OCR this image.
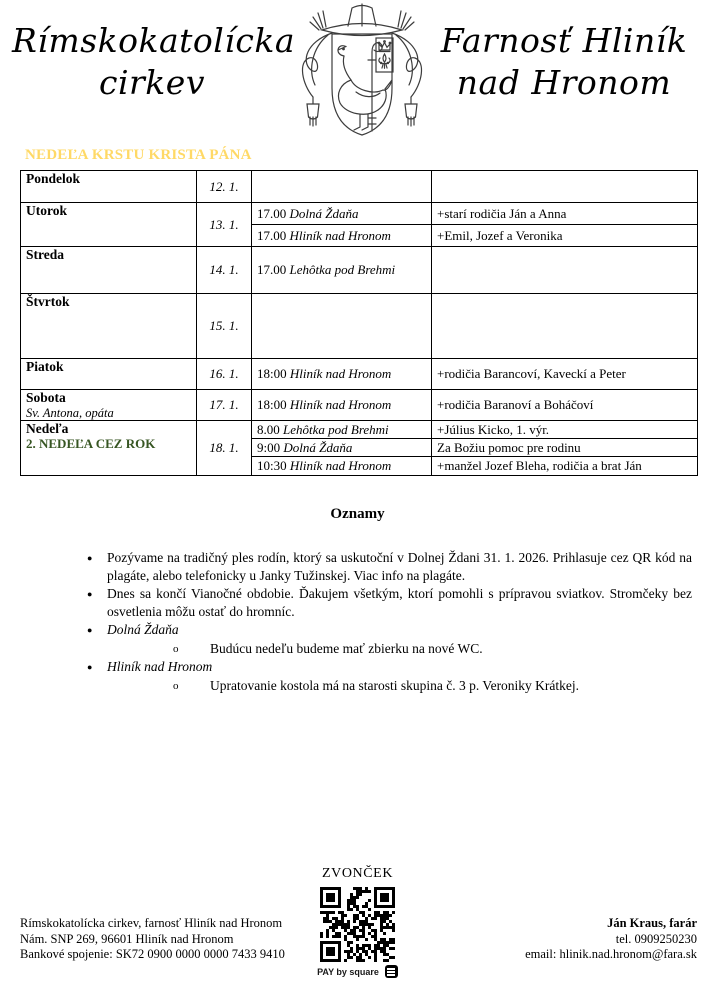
Rímskokatolícka
cirkev
Farnosť Hliník
nad Hronom
NEDEĽA KRSTU KRISTA PÁNA
Pondelok	12. 1.		
Utorok	13. 1.	17.00 Dolná Ždaňa	+starí rodičia Ján a Anna
		17.00 Hliník nad Hronom	+Emil, Jozef a Veronika
Streda	14. 1.	17.00 Lehôtka pod Brehmi	
Štvrtok	15. 1.		
Piatok	16. 1.	18:00 Hliník nad Hronom	+rodičia Barancoví, Kaveckí a Peter
Sobota
Sv. Antona, opáta	17. 1.	18:00 Hliník nad Hronom	+rodičia Baranoví a Boháčoví
Nedeľa
2. NEDEĽA CEZ ROK	18. 1.	8.00 Lehôtka pod Brehmi	+Július Kicko, 1. výr.
		9:00 Dolná Ždaňa	Za Božiu pomoc pre rodinu
		10:30 Hliník nad Hronom	+manžel Jozef Bleha, rodičia a brat Ján
Oznamy
● Pozývame na tradičný ples rodín, ktorý sa uskutoční v Dolnej Ždani 31. 1. 2026. Prihlasuje cez QR kód na plagáte, alebo telefonicky u Janky Tužinskej. Viac info na plagáte.
● Dnes sa končí Vianočné obdobie. Ďakujem všetkým, ktorí pomohli s prípravou sviatkov. Stromčeky bez osvetlenia môžu ostať do hromníc.
● Dolná Ždaňa
o Budúcu nedeľu budeme mať zbierku na nové WC.
● Hliník nad Hronom
o Upratovanie kostola má na starosti skupina č. 3 p. Veroniky Krátkej.
ZVONČEK
PAY by square
Rímskokatolícka cirkev, farnosť Hliník nad Hronom
Nám. SNP 269, 96601 Hliník nad Hronom
Bankové spojenie: SK72 0900 0000 0000 7433 9410
Ján Kraus, farár
tel. 0909250230
email: hlinik.nad.hronom@fara.sk
